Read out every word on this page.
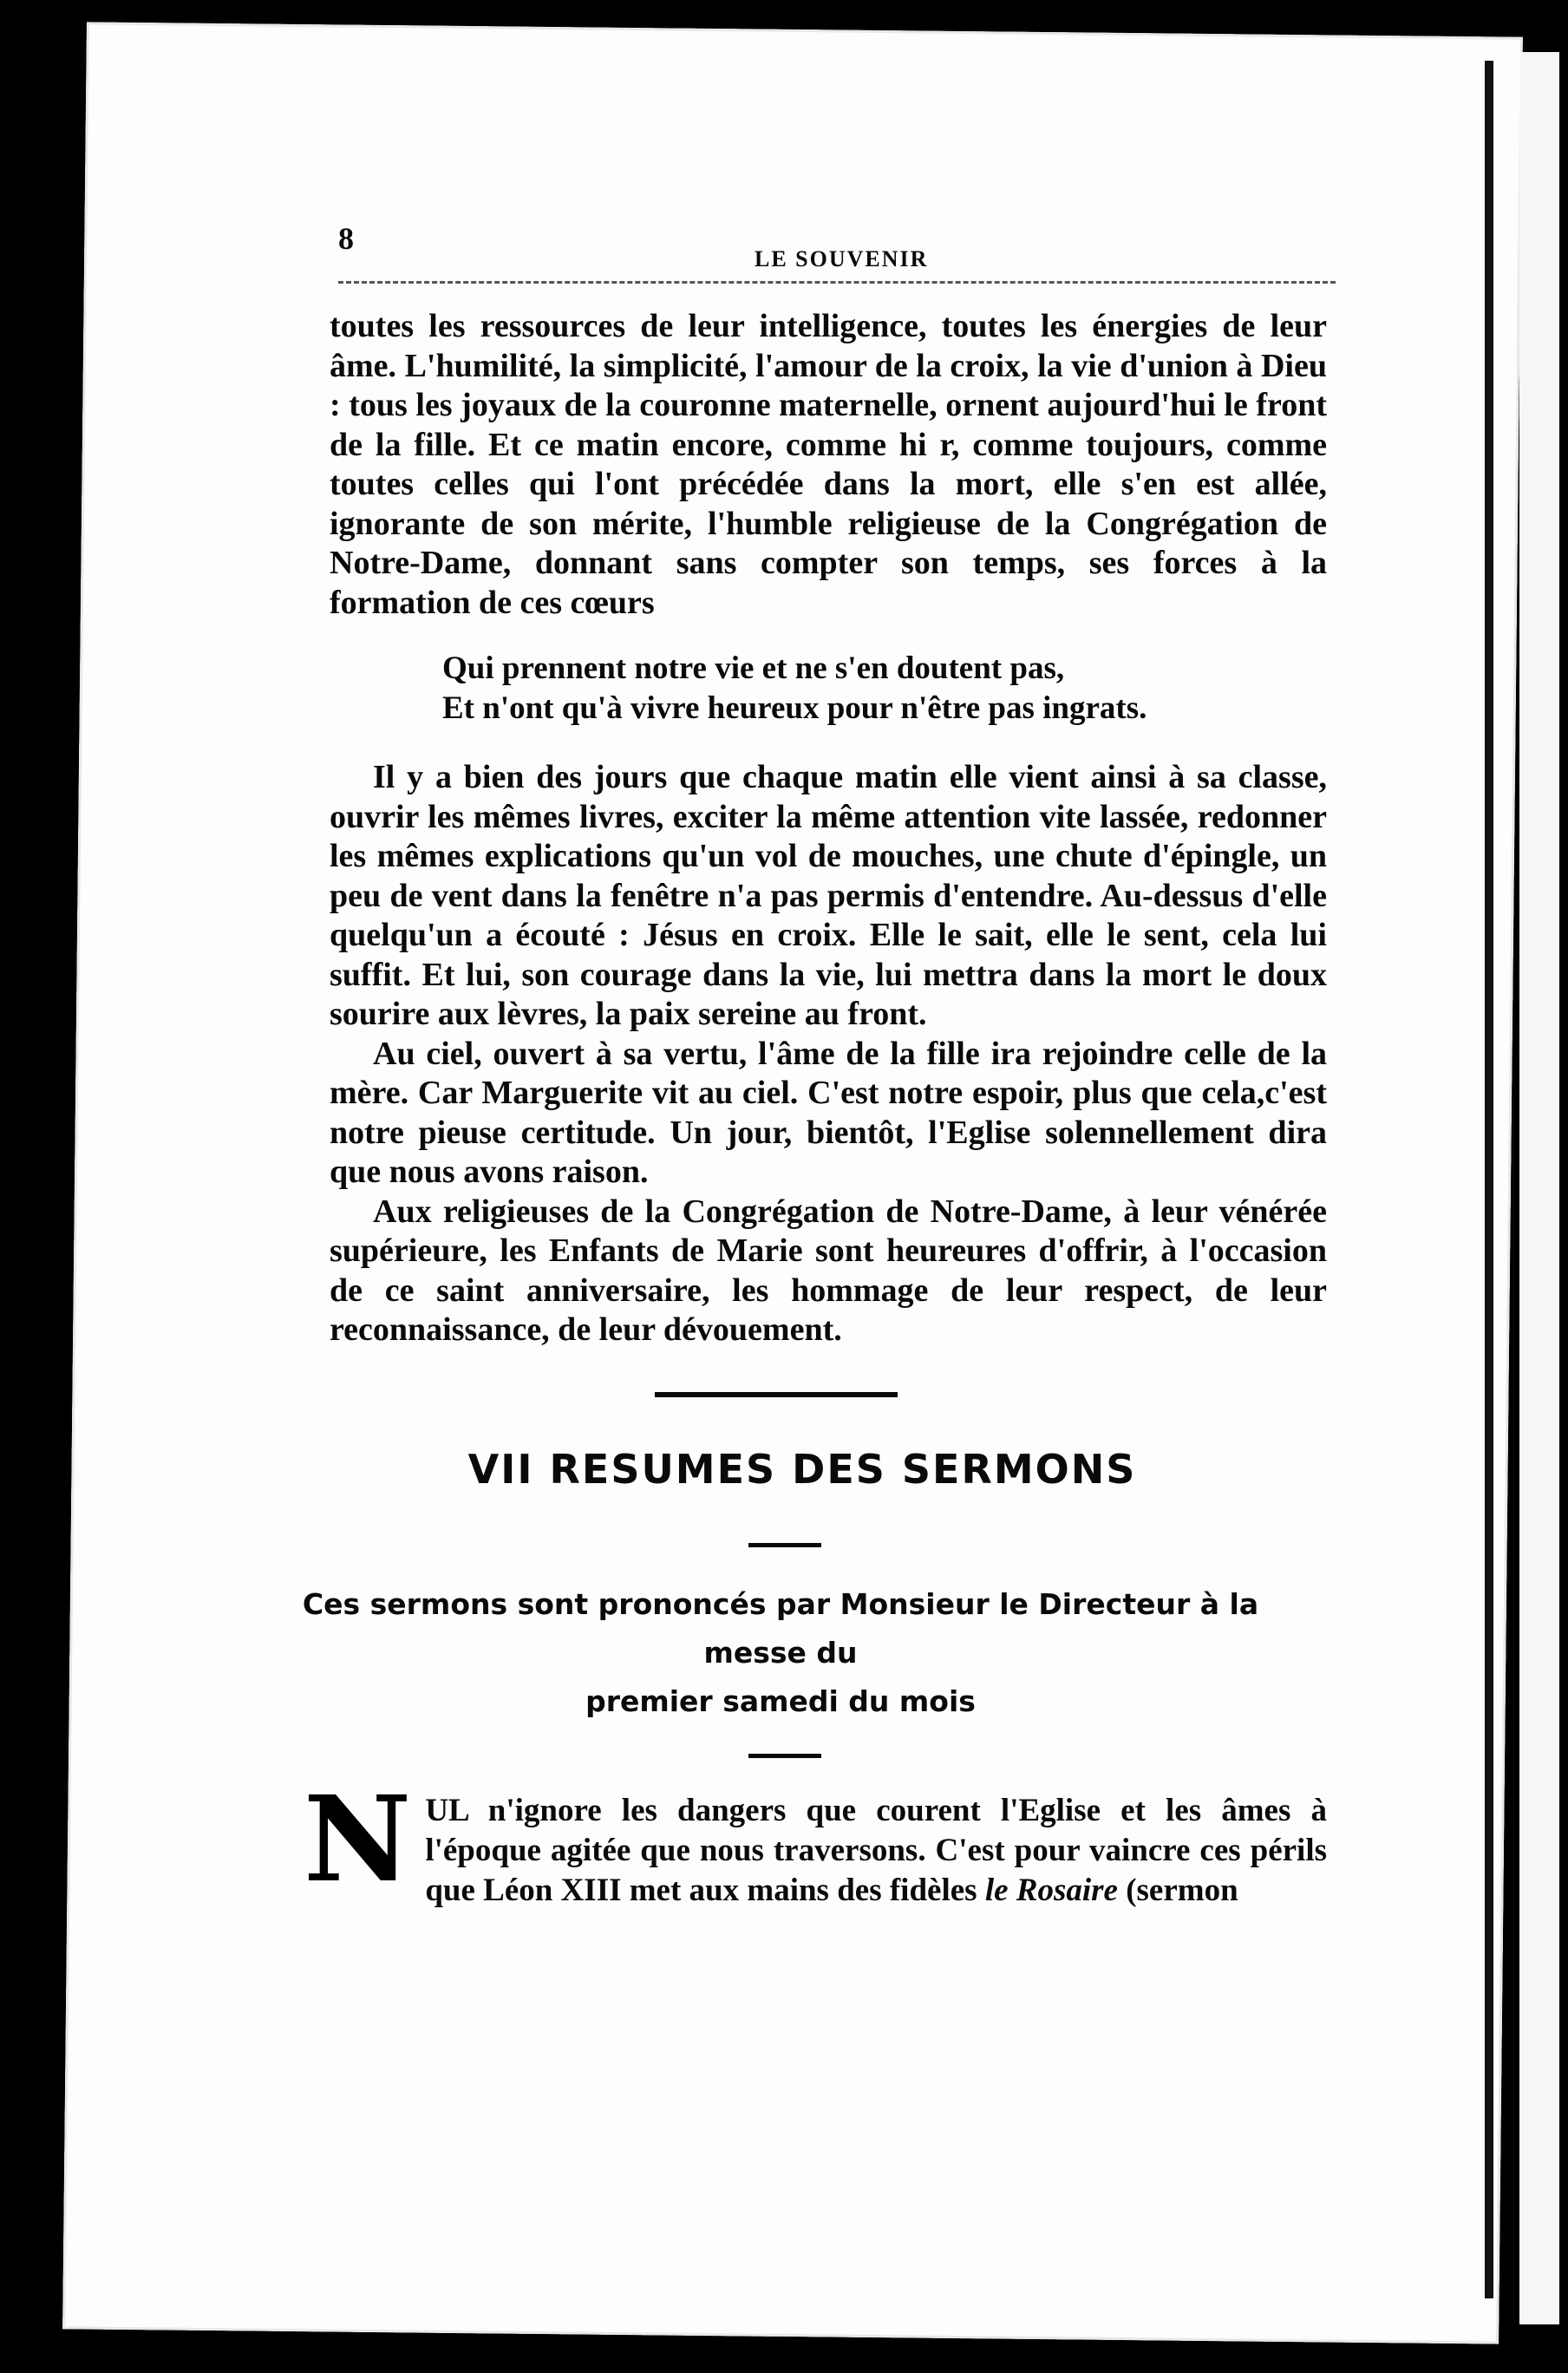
8
LE SOUVENIR

toutes les ressources de leur intelligence, toutes les énergies de leur âme. L'humilité, la simplicité, l'amour de la croix, la vie d'union à Dieu : tous les joyaux de la couronne maternelle, ornent aujourd'hui le front de la fille. Et ce matin encore, comme hi r, comme toujours, comme toutes celles qui l'ont précédée dans la mort, elle s'en est allée, ignorante de son mérite, l'humble religieuse de la Congrégation de Notre-Dame, donnant sans compter son temps, ses forces à la formation de ces cœurs

Qui prennent notre vie et ne s'en doutent pas,
Et n'ont qu'à vivre heureux pour n'être pas ingrats.

Il y a bien des jours que chaque matin elle vient ainsi à sa classe, ouvrir les mêmes livres, exciter la même attention vite lassée, redonner les mêmes explications qu'un vol de mouches, une chute d'épingle, un peu de vent dans la fenêtre n'a pas permis d'entendre. Au-dessus d'elle quelqu'un a écouté : Jésus en croix. Elle le sait, elle le sent, cela lui suffit. Et lui, son courage dans la vie, lui mettra dans la mort le doux sourire aux lèvres, la paix sereine au front.

Au ciel, ouvert à sa vertu, l'âme de la fille ira rejoindre celle de la mère. Car Marguerite vit au ciel. C'est notre espoir, plus que cela,c'est notre pieuse certitude. Un jour, bientôt, l'Eglise solennellement dira que nous avons raison.

Aux religieuses de la Congrégation de Notre-Dame, à leur vénérée supérieure, les Enfants de Marie sont heureures d'offrir, à l'occasion de ce saint anniversaire, les hommage de leur respect, de leur reconnaissance, de leur dévouement.

VII RESUMES DES SERMONS
Ces sermons sont prononcés par Monsieur le Directeur à la messe du
premier samedi du mois

NUL n'ignore les dangers que courent l'Eglise et les âmes à l'époque agitée que nous traversons. C'est pour vaincre ces périls que Léon XIII met aux mains des fidèles le Rosaire (sermon
